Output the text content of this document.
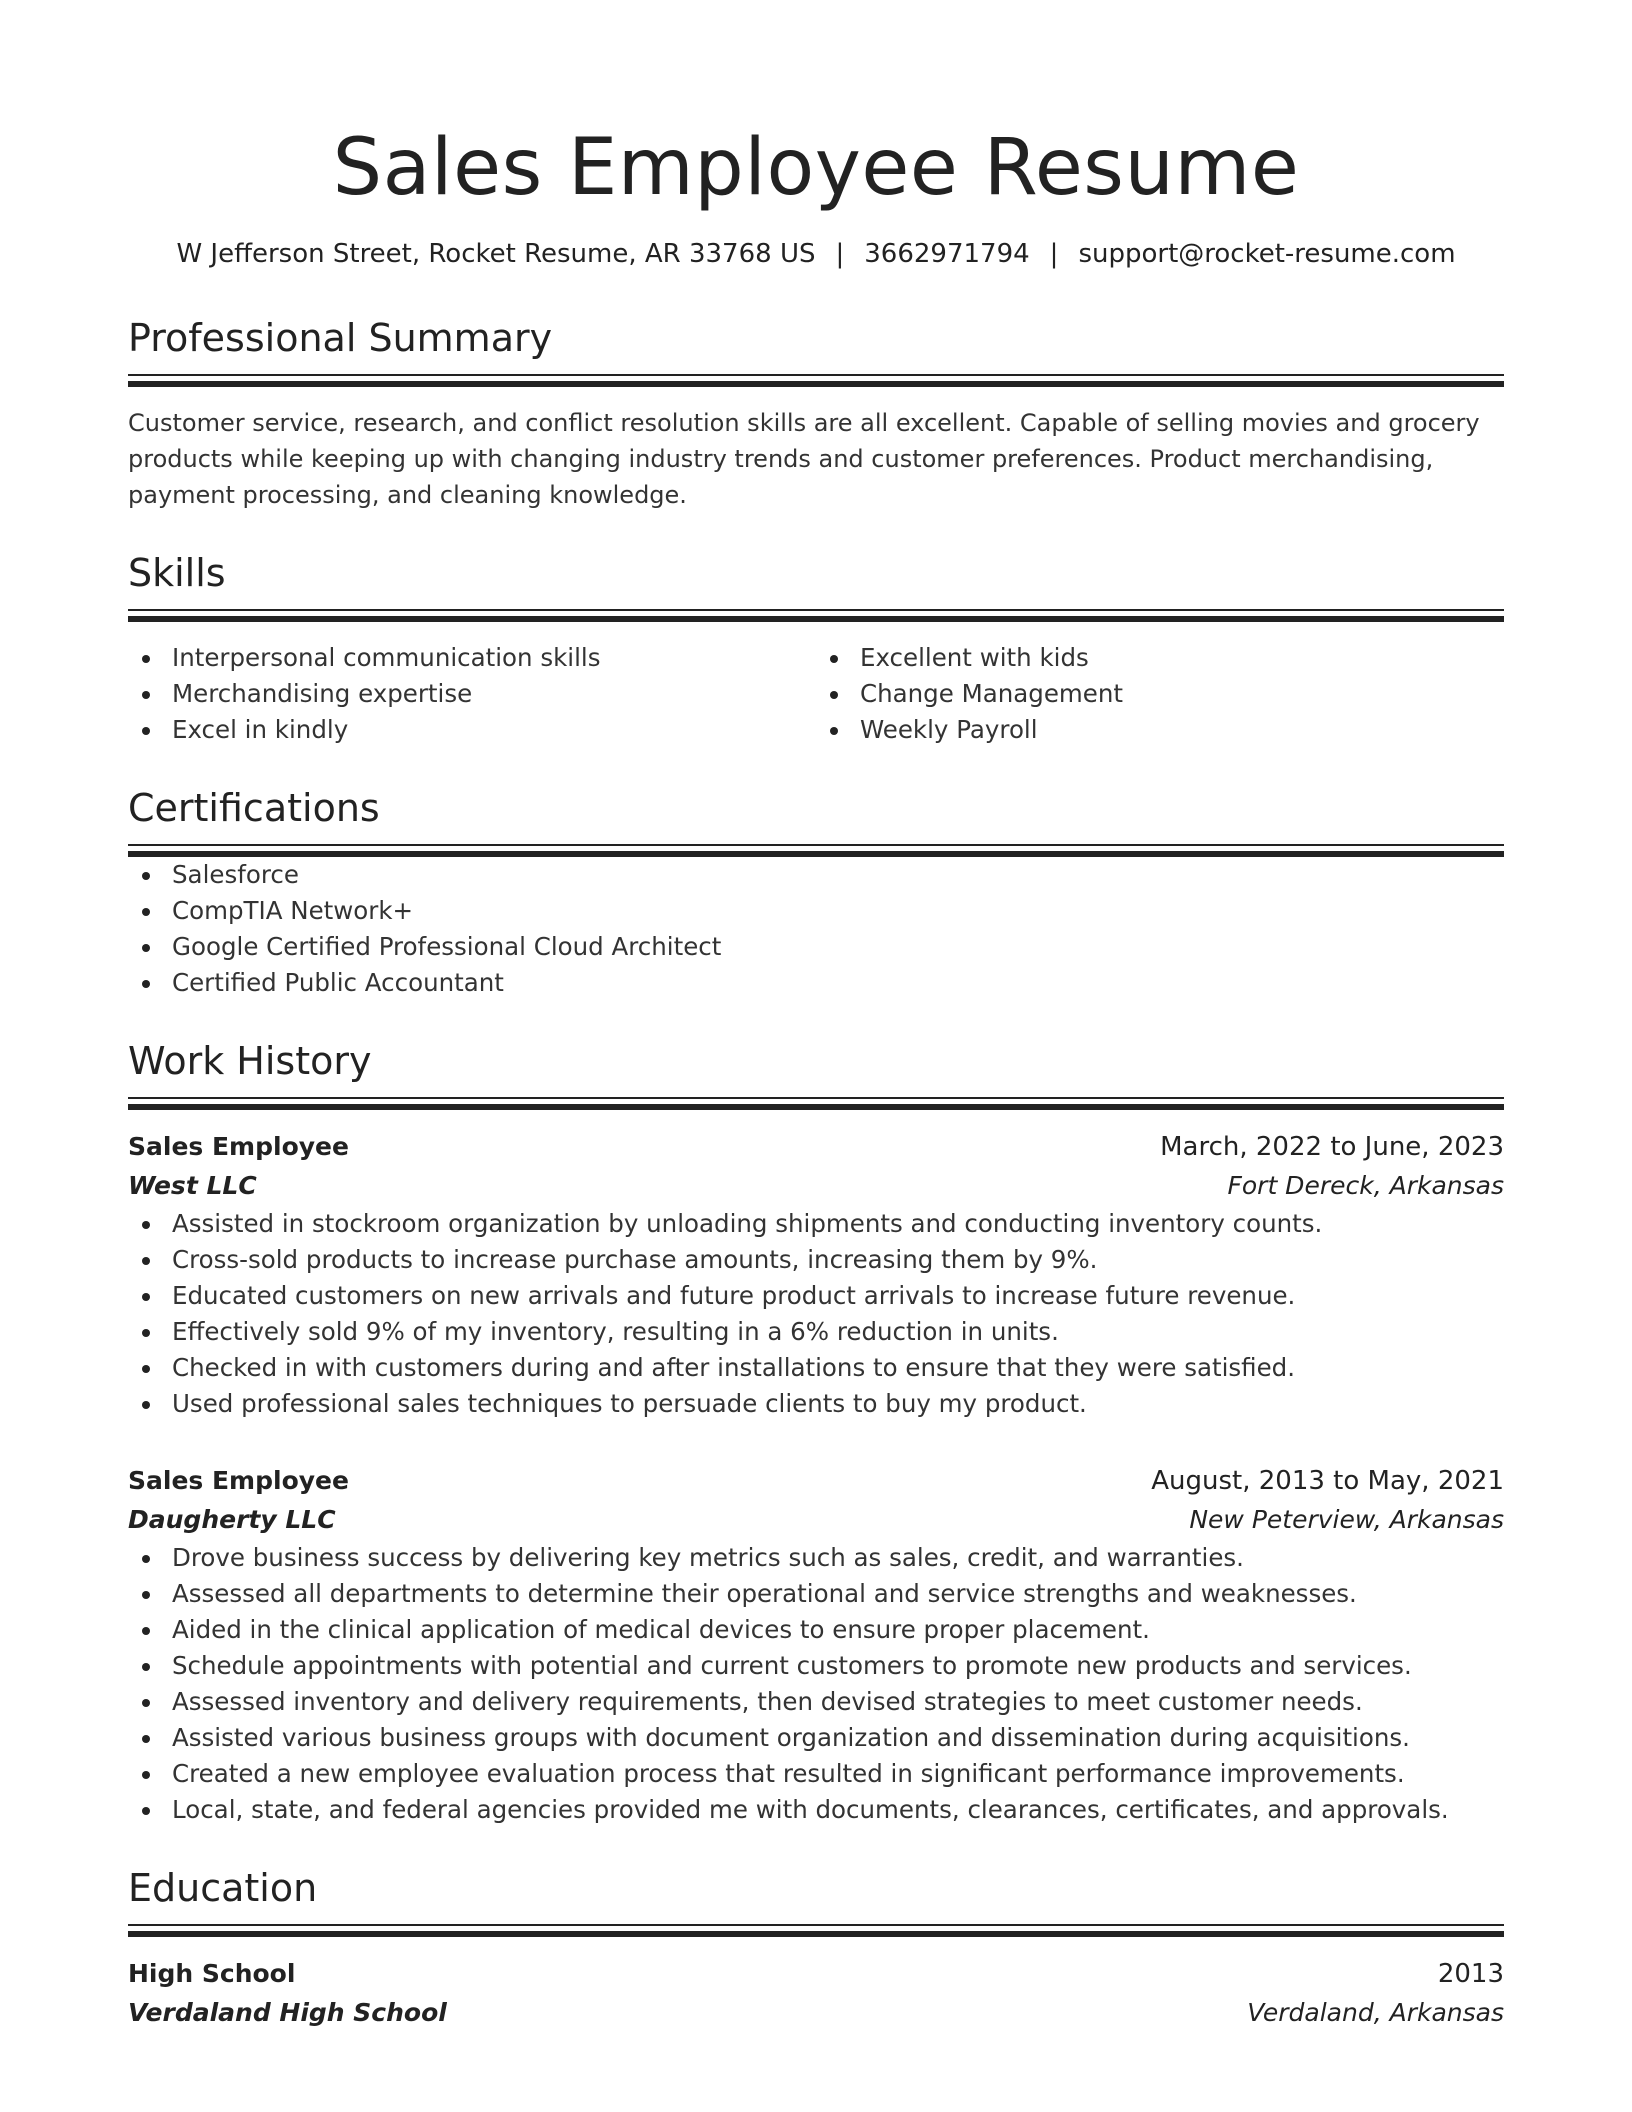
Sales Employee Resume
W Jefferson Street, Rocket Resume, AR 33768 US | 3662971794 | support@rocket-resume.com
Professional Summary
Customer service, research, and conflict resolution skills are all excellent. Capable of selling movies and grocery products while keeping up with changing industry trends and customer preferences. Product merchandising, payment processing, and cleaning knowledge.
Skills
Interpersonal communication skills
Merchandising expertise
Excel in kindly
Excellent with kids
Change Management
Weekly Payroll
Certifications
Salesforce
CompTIA Network+
Google Certified Professional Cloud Architect
Certified Public Accountant
Work History
Sales Employee	March, 2022 to June, 2023
West LLC	Fort Dereck, Arkansas
Assisted in stockroom organization by unloading shipments and conducting inventory counts.
Cross-sold products to increase purchase amounts, increasing them by 9%.
Educated customers on new arrivals and future product arrivals to increase future revenue.
Effectively sold 9% of my inventory, resulting in a 6% reduction in units.
Checked in with customers during and after installations to ensure that they were satisfied.
Used professional sales techniques to persuade clients to buy my product.
Sales Employee	August, 2013 to May, 2021
Daugherty LLC	New Peterview, Arkansas
Drove business success by delivering key metrics such as sales, credit, and warranties.
Assessed all departments to determine their operational and service strengths and weaknesses.
Aided in the clinical application of medical devices to ensure proper placement.
Schedule appointments with potential and current customers to promote new products and services.
Assessed inventory and delivery requirements, then devised strategies to meet customer needs.
Assisted various business groups with document organization and dissemination during acquisitions.
Created a new employee evaluation process that resulted in significant performance improvements.
Local, state, and federal agencies provided me with documents, clearances, certificates, and approvals.
Education
High School	2013
Verdaland High School	Verdaland, Arkansas
